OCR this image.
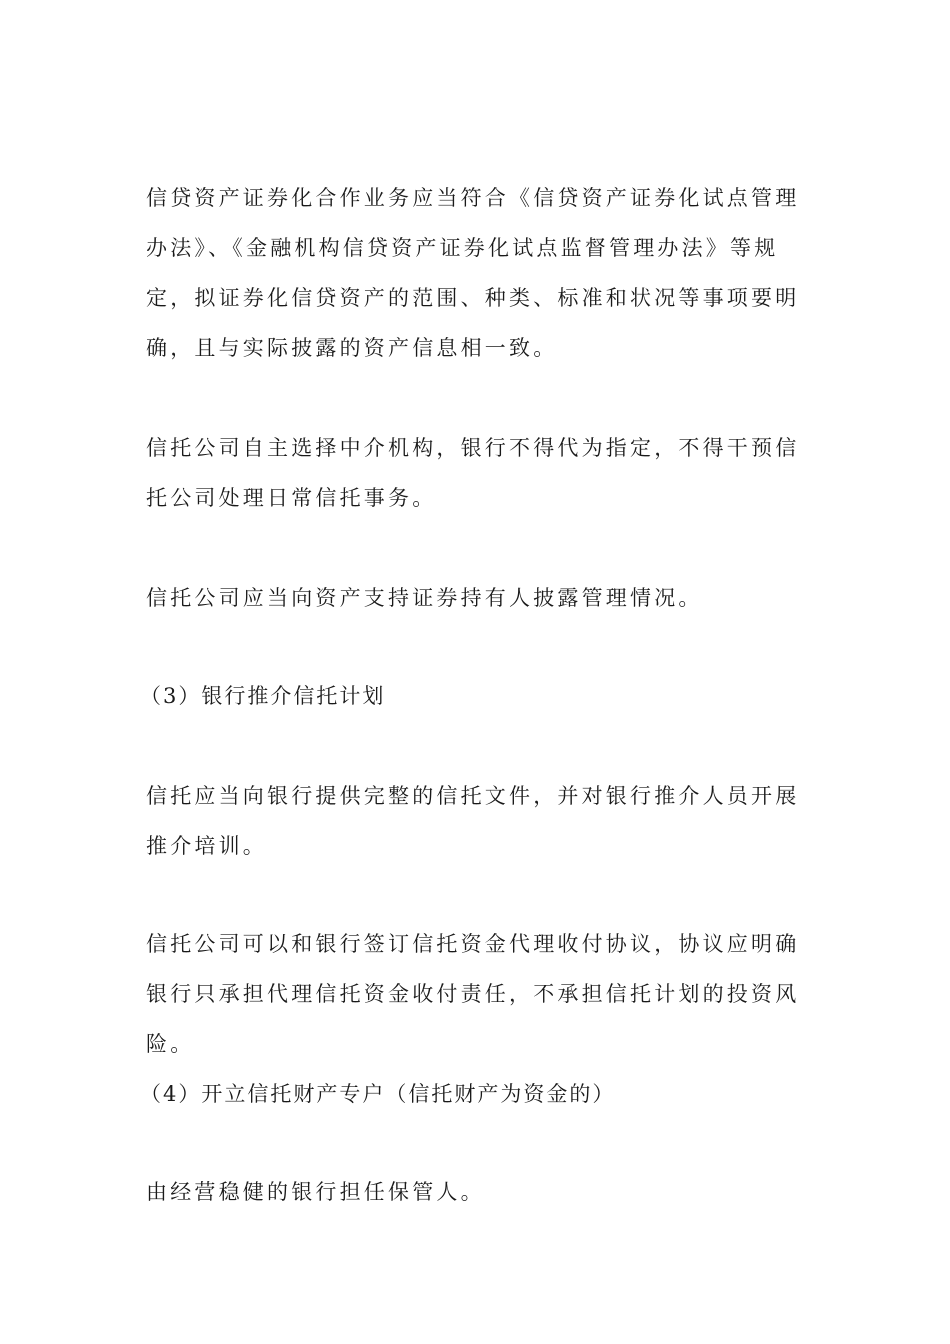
信贷资产证券化合作业务应当符合《信贷资产证券化试点管理办法》、《金融机构信贷资产证券化试点监督管理办法》等规定，拟证券化信贷资产的范围、种类、标准和状况等事项要明确，且与实际披露的资产信息相一致。

信托公司自主选择中介机构，银行不得代为指定，不得干预信托公司处理日常信托事务。

信托公司应当向资产支持证券持有人披露管理情况。

（3）银行推介信托计划

信托应当向银行提供完整的信托文件，并对银行推介人员开展推介培训。

信托公司可以和银行签订信托资金代理收付协议，协议应明确银行只承担代理信托资金收付责任，不承担信托计划的投资风险。

（4）开立信托财产专户（信托财产为资金的）

由经营稳健的银行担任保管人。
